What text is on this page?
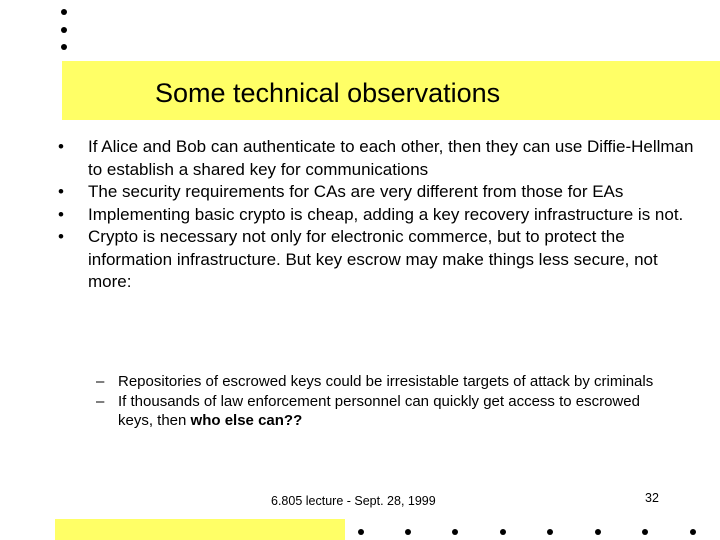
Some technical observations
• If Alice and Bob can authenticate to each other, then they can use Diffie-Hellman to establish a shared key for communications
• The security requirements for CAs are very different from those for EAs
• Implementing basic crypto is cheap, adding a key recovery infrastructure is not.
• Crypto is necessary not only for electronic commerce, but to protect the information infrastructure. But key escrow may make things less secure, not more:
– Repositories of escrowed keys could be irresistable targets of attack by criminals
– If thousands of law enforcement personnel can quickly get access to escrowed keys, then who else can??
6.805 lecture - Sept. 28, 1999	32
